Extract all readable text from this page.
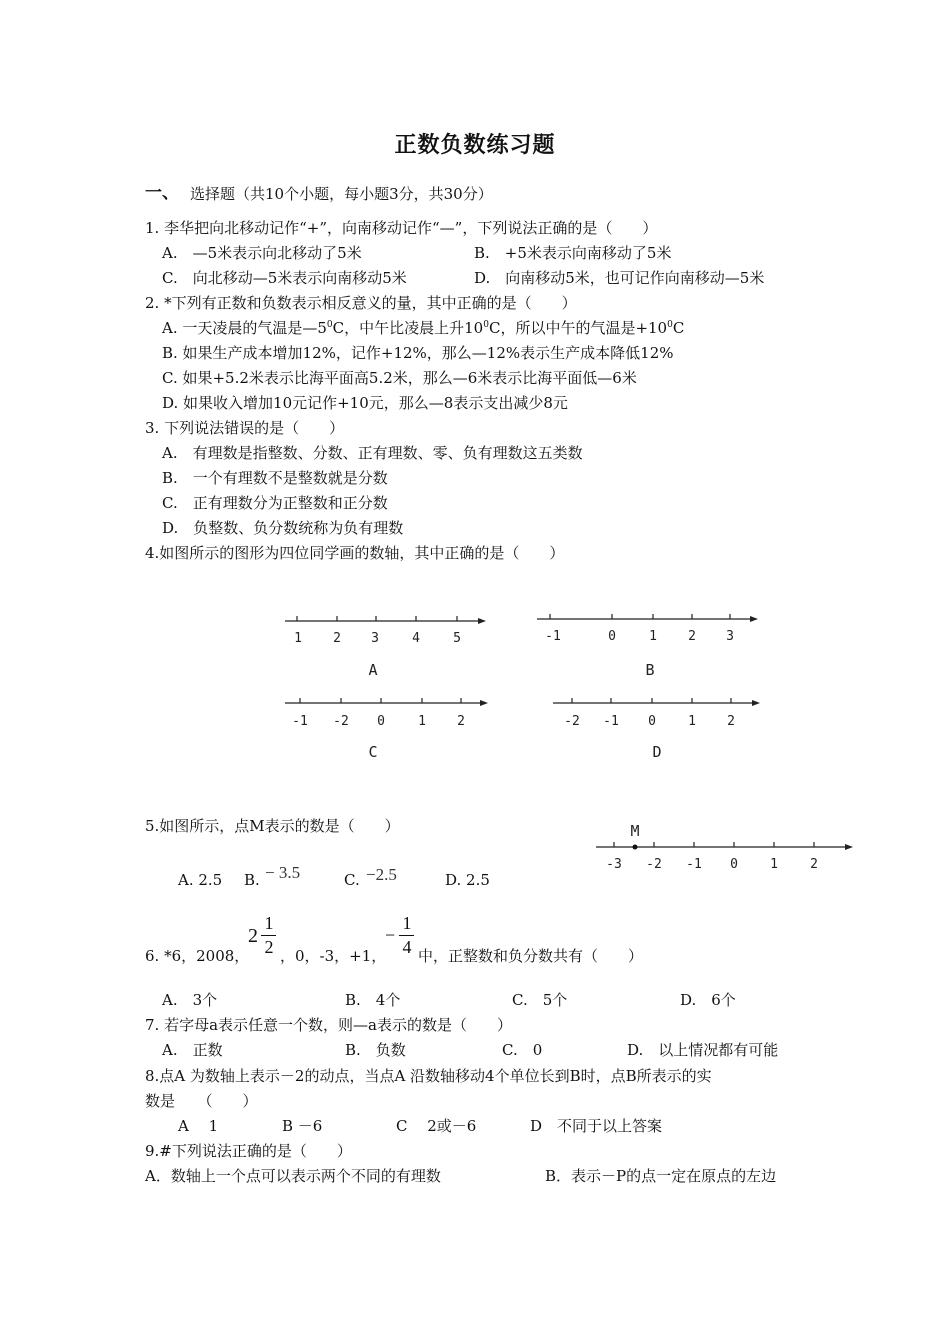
正数负数练习题
一、 选择题（共10个小题，每小题3分，共30分）
1. 李华把向北移动记作“+”，向南移动记作“—”，下列说法正确的是（　　）
A.　—5米表示向北移动了5米	B.　+5米表示向南移动了5米
C.　向北移动—5米表示向南移动5米	D.　向南移动5米，也可记作向南移动—5米
2. *下列有正数和负数表示相反意义的量，其中正确的是（　　）
A. 一天凌晨的气温是$—5^0C$，中午比凌晨上升$10^0C$，所以中午的气温是$+10^0C$
B. 如果生产成本增加12%，记作+12%，那么—12%表示生产成本降低12%
C. 如果+5.2米表示比海平面高5.2米，那么—6米表示比海平面低—6米
D. 如果收入增加10元记作+10元，那么—8表示支出减少8元
3. 下列说法错误的是（　　）
A.　有理数是指整数、分数、正有理数、零、负有理数这五类数
B.　一个有理数不是整数就是分数
C.　正有理数分为正整数和正分数
D.　负整数、负分数统称为负有理数
4.如图所示的图形为四位同学画的数轴，其中正确的是（　　）
1 2 3	4	5
A
-1	0	1 2 3
B
-1 -2 0	1 2
C
-2 -1 0 1 2
D
M
-3 -2 -1 0 1 2
5.如图所示，点M表示的数是（　　）
A. 2.5 B. − 3.5	C. −2.5	D. 2.5
6. *6，2008，
2
1
2 ，0，-3，+1，
−
1
4 中，正整数和负分数共有（　　）
A.　3个	B.　4个	C.　5个	D.　6个
7. 若字母a表示任意一个数，则—a表示的数是（　　）
A.　正数	B.　负数	C.　0	D.　以上情况都有可能
8.点A 为数轴上表示－2的动点，当点A 沿数轴移动4个单位长到B时，点B所表示的实
数是　　（　　）
A　 1	B －6	C　 2或－6	D　不同于以上答案
9.#下列说法正确的是（　　）
A．数轴上一个点可以表示两个不同的有理数	B．表示－P的点一定在原点的左边
